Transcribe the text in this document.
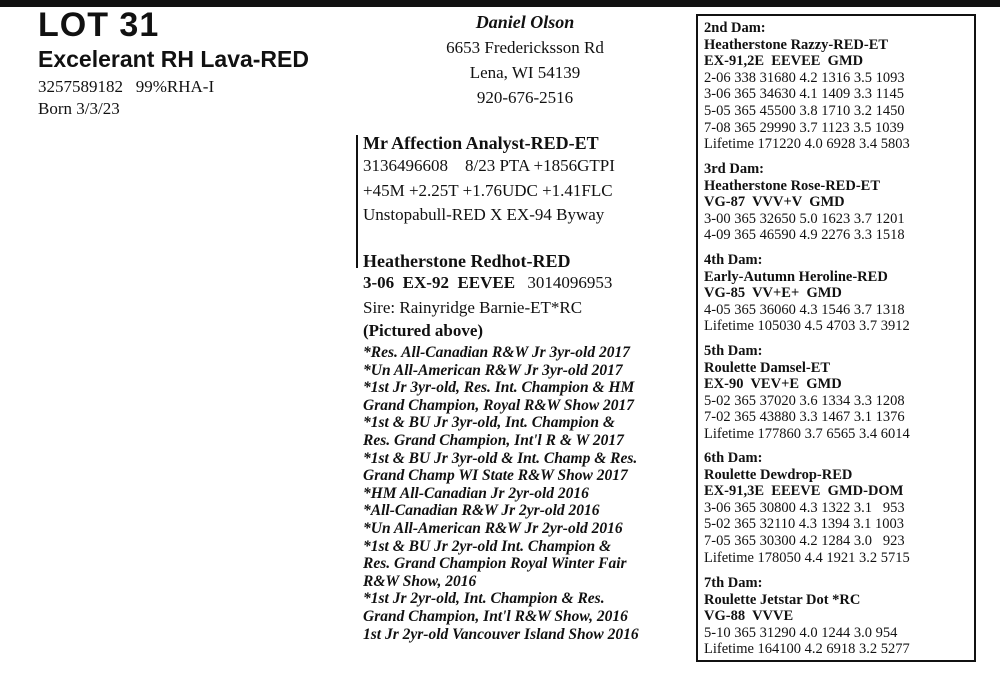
LOT 31
Excelerant RH Lava-RED
3257589182   99%RHA-I
Born 3/3/23
Daniel Olson
6653 Fredericksson Rd
Lena, WI 54139
920-676-2516
Mr Affection Analyst-RED-ET
3136496608    8/23 PTA +1856GTPI
+45M +2.25T +1.76UDC +1.41FLC
Unstopabull-RED X EX-94 Byway
Heatherstone Redhot-RED
3-06  EX-92  EEVEE 3014096953
Sire: Rainyridge Barnie-ET*RC
(Pictured above)
*Res. All-Canadian R&W Jr 3yr-old 2017
*Un All-American R&W Jr 3yr-old 2017
*1st Jr 3yr-old, Res. Int. Champion & HM
Grand Champion, Royal R&W Show 2017
*1st & BU Jr 3yr-old, Int. Champion &
Res. Grand Champion, Int'l R & W 2017
*1st & BU Jr 3yr-old & Int. Champ & Res.
Grand Champ WI State R&W Show 2017
*HM All-Canadian Jr 2yr-old 2016
*All-Canadian R&W Jr 2yr-old 2016
*Un All-American R&W Jr 2yr-old 2016
*1st & BU Jr 2yr-old Int. Champion &
Res. Grand Champion Royal Winter Fair
R&W Show, 2016
*1st Jr 2yr-old, Int. Champion & Res.
Grand Champion, Int'l R&W Show, 2016
1st Jr 2yr-old Vancouver Island Show 2016
2nd Dam:
Heatherstone Razzy-RED-ET
EX-91,2E  EEVEE  GMD
2-06 338 31680 4.2 1316 3.5 1093
3-06 365 34630 4.1 1409 3.3 1145
5-05 365 45500 3.8 1710 3.2 1450
7-08 365 29990 3.7 1123 3.5 1039
Lifetime 171220 4.0 6928 3.4 5803
3rd Dam:
Heatherstone Rose-RED-ET
VG-87  VVV+V  GMD
3-00 365 32650 5.0 1623 3.7 1201
4-09 365 46590 4.9 2276 3.3 1518
4th Dam:
Early-Autumn Heroline-RED
VG-85  VV+E+  GMD
4-05 365 36060 4.3 1546 3.7 1318
Lifetime 105030 4.5 4703 3.7 3912
5th Dam:
Roulette Damsel-ET
EX-90  VEV+E  GMD
5-02 365 37020 3.6 1334 3.3 1208
7-02 365 43880 3.3 1467 3.1 1376
Lifetime 177860 3.7 6565 3.4 6014
6th Dam:
Roulette Dewdrop-RED
EX-91,3E  EEEVE  GMD-DOM
3-06 365 30800 4.3 1322 3.1   953
5-02 365 32110 4.3 1394 3.1 1003
7-05 365 30300 4.2 1284 3.0   923
Lifetime 178050 4.4 1921 3.2 5715
7th Dam:
Roulette Jetstar Dot *RC
VG-88  VVVE
5-10 365 31290 4.0 1244 3.0 954
Lifetime 164100 4.2 6918 3.2 5277
